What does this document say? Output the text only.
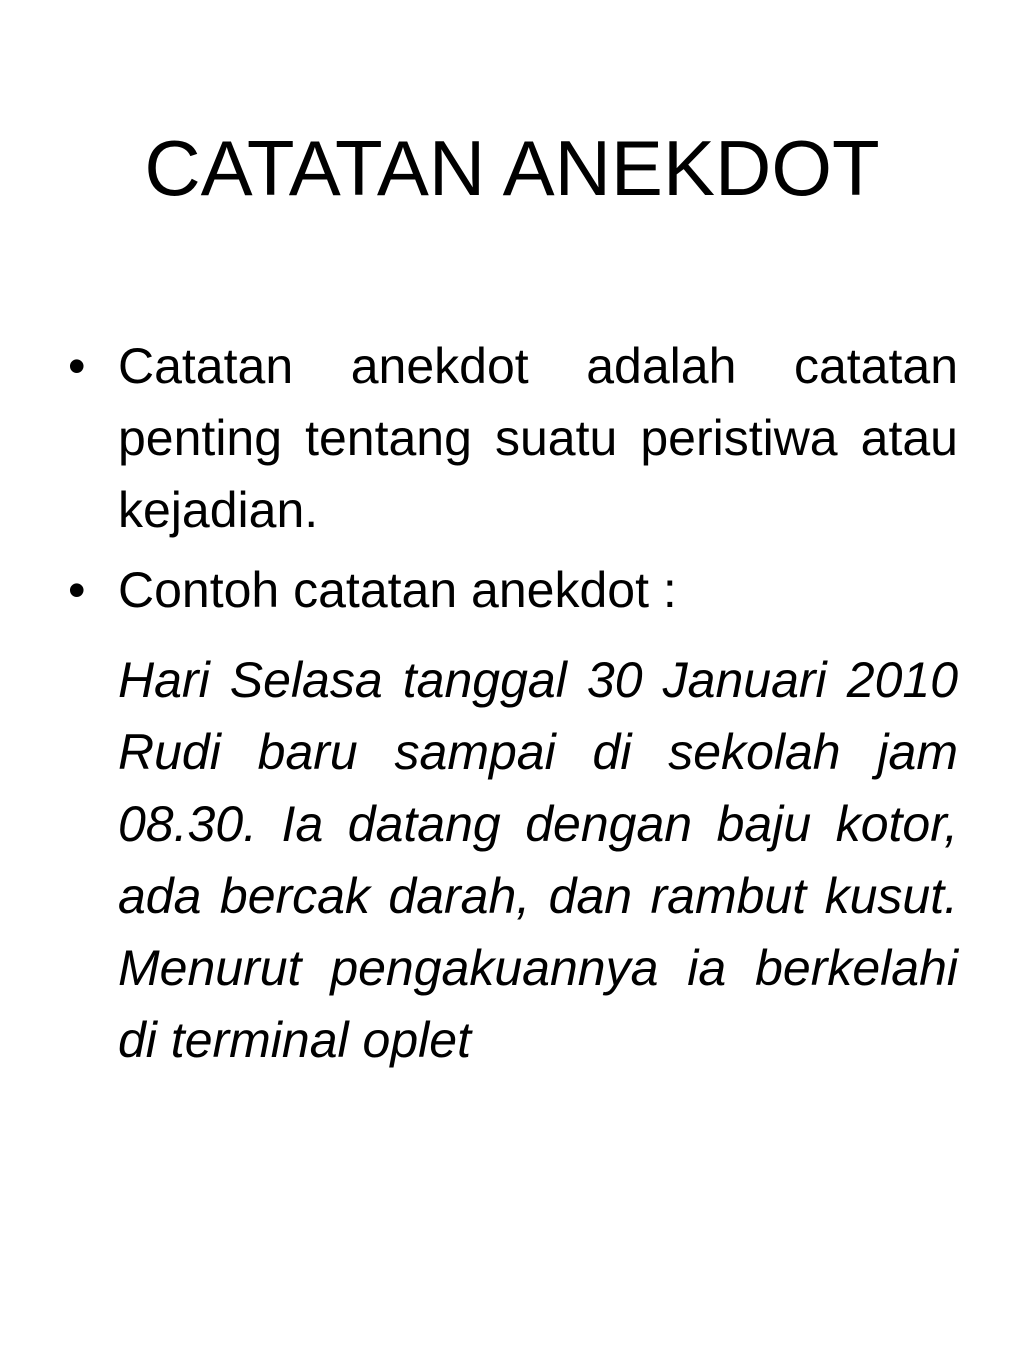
CATATAN ANEKDOT
• Catatan anekdot adalah catatan penting tentang suatu peristiwa atau kejadian.
• Contoh catatan anekdot :
Hari Selasa tanggal 30 Januari 2010 Rudi baru sampai di sekolah jam 08.30. Ia datang dengan baju kotor, ada bercak darah, dan rambut kusut. Menurut pengakuannya ia berkelahi di terminal oplet
